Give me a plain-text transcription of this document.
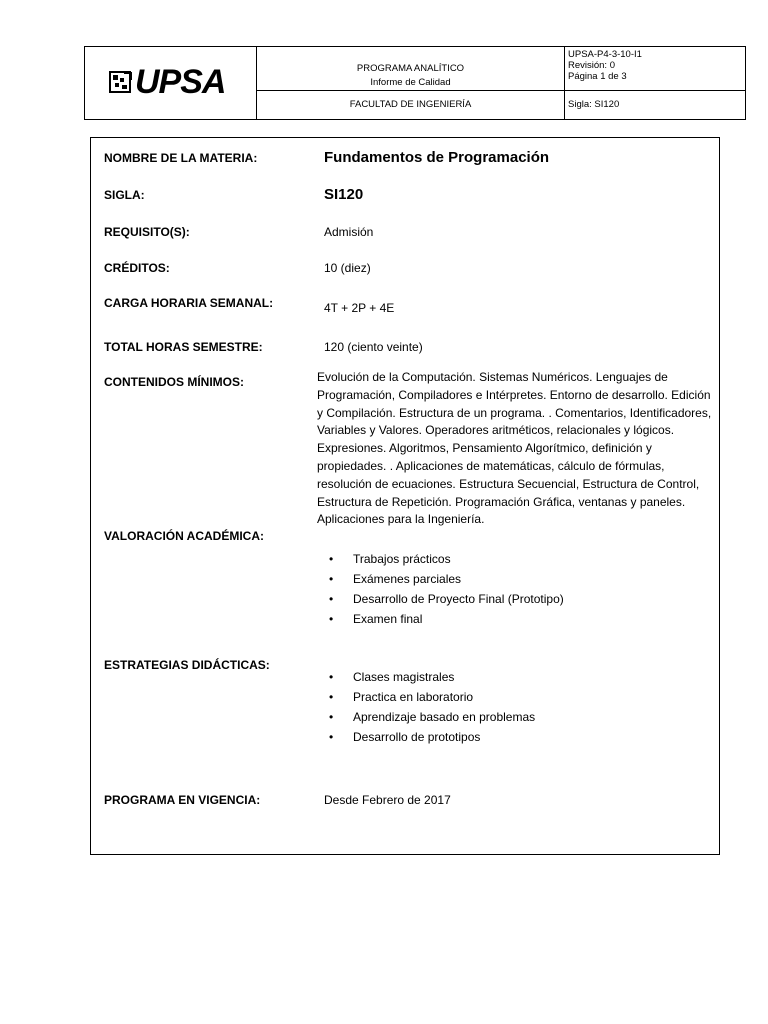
UPSA	PROGRAMA ANALÍTICO
Informe de Calidad
FACULTAD DE INGENIERÍA
UPSA-P4-3-10-I1
Revisión: 0
Página 1 de 3
Sigla: SI120
NOMBRE DE LA MATERIA:	Fundamentos de Programación
SIGLA:	SI120
REQUISITO(S):	Admisión
CRÉDITOS:	10 (diez)
CARGA HORARIA SEMANAL:	4T + 2P + 4E
TOTAL HORAS SEMESTRE:	120 (ciento veinte)
CONTENIDOS MÍNIMOS:	Evolución de la Computación. Sistemas Numéricos. Lenguajes de Programación, Compiladores e Intérpretes. Entorno de desarrollo. Edición y Compilación. Estructura de un programa. . Comentarios, Identificadores, Variables y Valores. Operadores aritméticos, relacionales y lógicos. Expresiones. Algoritmos, Pensamiento Algorítmico, definición y propiedades. . Aplicaciones de matemáticas, cálculo de fórmulas, resolución de ecuaciones. Estructura Secuencial, Estructura de Control, Estructura de Repetición. Programación Gráfica, ventanas y paneles. Aplicaciones para la Ingeniería.
VALORACIÓN ACADÉMICA:
• Trabajos prácticos
• Exámenes parciales
• Desarrollo de Proyecto Final (Prototipo)
• Examen final
ESTRATEGIAS DIDÁCTICAS:
• Clases magistrales
• Practica en laboratorio
• Aprendizaje basado en problemas
• Desarrollo de prototipos
PROGRAMA EN VIGENCIA:	Desde Febrero de 2017
